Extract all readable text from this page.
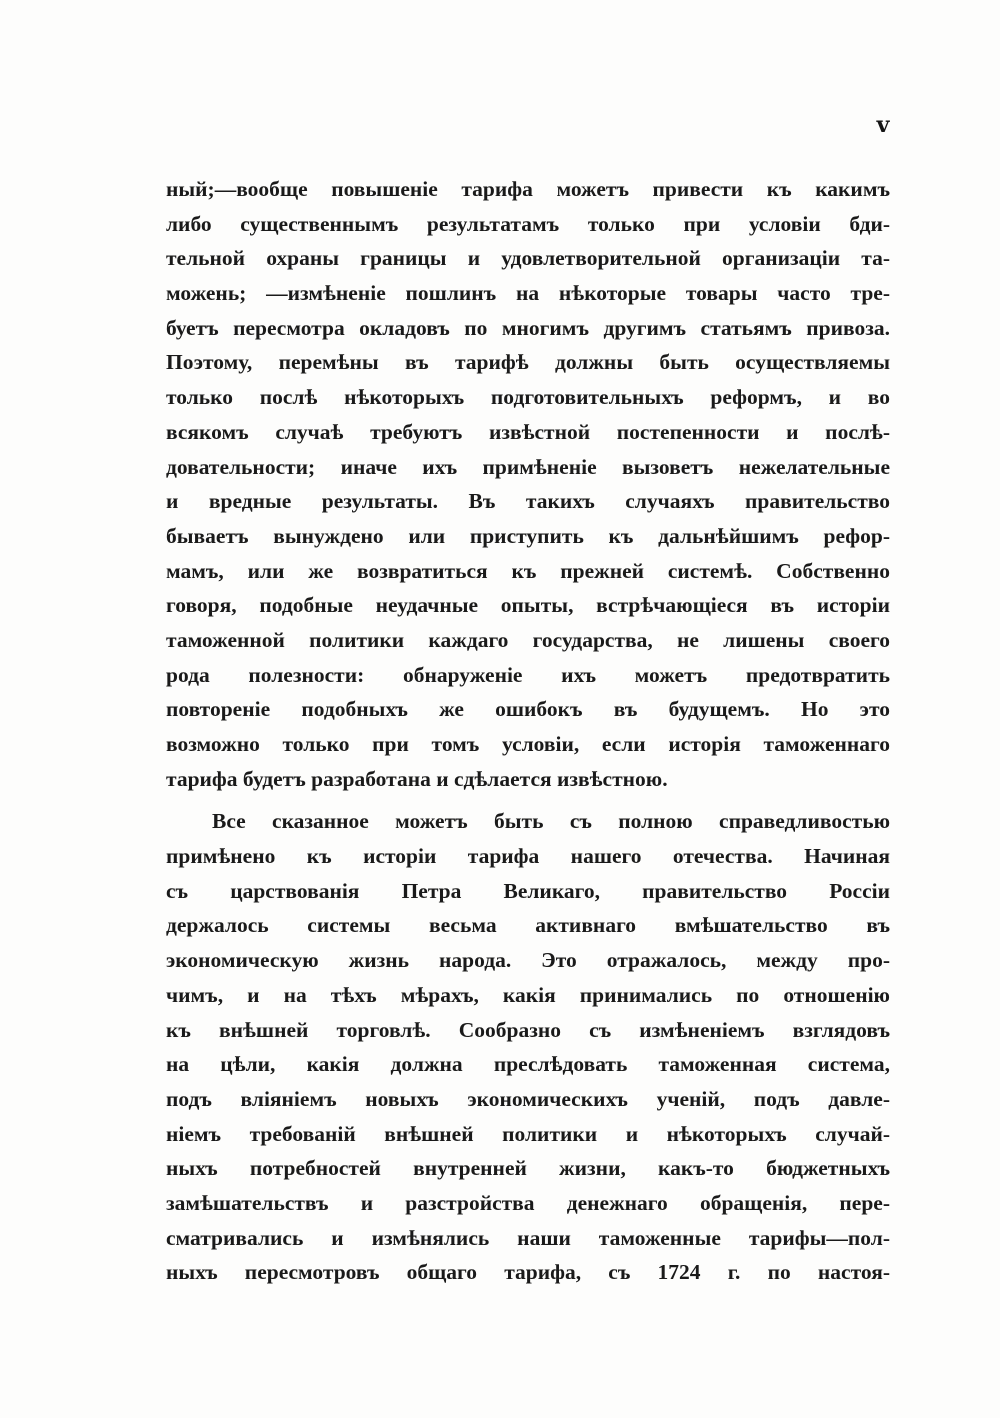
v
ный;—вообще повышеніе тарифа можетъ привести къ какимъ
либо существеннымъ результатамъ только при условіи бди-
тельной охраны границы и удовлетворительной организаціи та-
можень; —измѣненіе пошлинъ на нѣкоторые товары часто тре-
буетъ пересмотра окладовъ по многимъ другимъ статьямъ привоза.
Поэтому, перемѣны въ тарифѣ должны быть осуществляемы
только послѣ нѣкоторыхъ подготовительныхъ реформъ, и во
всякомъ случаѣ требуютъ извѣстной постепенности и послѣ-
довательности; иначе ихъ примѣненіе вызоветъ нежелательные
и вредные результаты. Въ такихъ случаяхъ правительство
бываетъ вынуждено или приступить къ дальнѣйшимъ рефор-
мамъ, или же возвратиться къ прежней системѣ. Собственно
говоря, подобные неудачные опыты, встрѣчающіеся въ исторіи
таможенной политики каждаго государства, не лишены своего
рода полезности: обнаруженіе ихъ можетъ предотвратить
повтореніе подобныхъ же ошибокъ въ будущемъ. Но это
возможно только при томъ условіи, если исторія таможеннаго
тарифа будетъ разработана и сдѣлается извѣстною.
Все сказанное можетъ быть съ полною справедливостью
примѣнено къ исторіи тарифа нашего отечества. Начиная
съ царствованія Петра Великаго, правительство Россіи
держалось системы весьма активнаго вмѣшательство въ
экономическую жизнь народа. Это отражалось, между про-
чимъ, и на тѣхъ мѣрахъ, какія принимались по отношенію
къ внѣшней торговлѣ. Сообразно съ измѣненіемъ взглядовъ
на цѣли, какія должна преслѣдовать таможенная система,
подъ вліяніемъ новыхъ экономическихъ ученій, подъ давле-
ніемъ требованій внѣшней политики и нѣкоторыхъ случай-
ныхъ потребностей внутренней жизни, какъ-то бюджетныхъ
замѣшательствъ и разстройства денежнаго обращенія, пере-
сматривались и измѣнялись наши таможенные тарифы—пол-
ныхъ пересмотровъ общаго тарифа, съ 1724 г. по настоя-
